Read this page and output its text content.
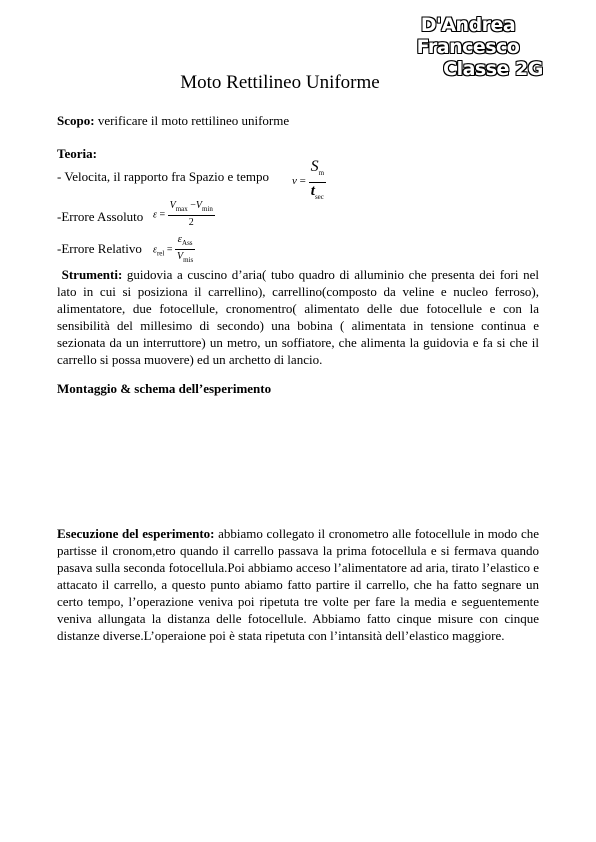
D'Andrea Francesco
Classe 2G
Moto Rettilineo Uniforme
Scopo: verificare il moto rettilineo uniforme
Teoria:
- Velocita, il rapporto fra Spazio e tempo $v = \frac{S_m}{t_{sec}}$
-Errore Assoluto $\varepsilon = \frac{V_{max} -V_{min}}{2}$
-Errore Relativo $\varepsilon_{rel} = \frac{\varepsilon_{Ass}}{V_{mis}}$
Strumenti: guidovia a cuscino d’aria( tubo quadro di alluminio che presenta dei fori nel lato in cui si posiziona il carrellino), carrellino(composto da veline e nucleo ferroso), alimentatore, due fotocellule, cronomentro( alimentato delle due fotocellule e con la sensibilità del millesimo di secondo) una bobina ( alimentata in tensione continua e sezionata da un interruttore) un metro, un soffiatore, che alimenta la guidovia e fa si che il carrello si possa muovere) ed un archetto di lancio.
Montaggio & schema dell’esperimento
Esecuzione del esperimento: abbiamo collegato il cronometro alle fotocellule in modo che partisse il cronom,etro quando il carrello passava la prima fotocellula e si fermava quando pasava sulla seconda fotocellula.Poi abbiamo acceso l’alimentatore ad aria, tirato l’elastico e attacato il carrello, a questo punto abiamo fatto partire il carrello, che ha fatto segnare un certo tempo, l’operazione veniva poi ripetuta tre volte per fare la media e seguentemente veniva allungata la distanza delle fotocellule. Abbiamo fatto cinque misure con cinque distanze diverse.L’operaione poi è stata ripetuta con l’intansità dell’elastico maggiore.
